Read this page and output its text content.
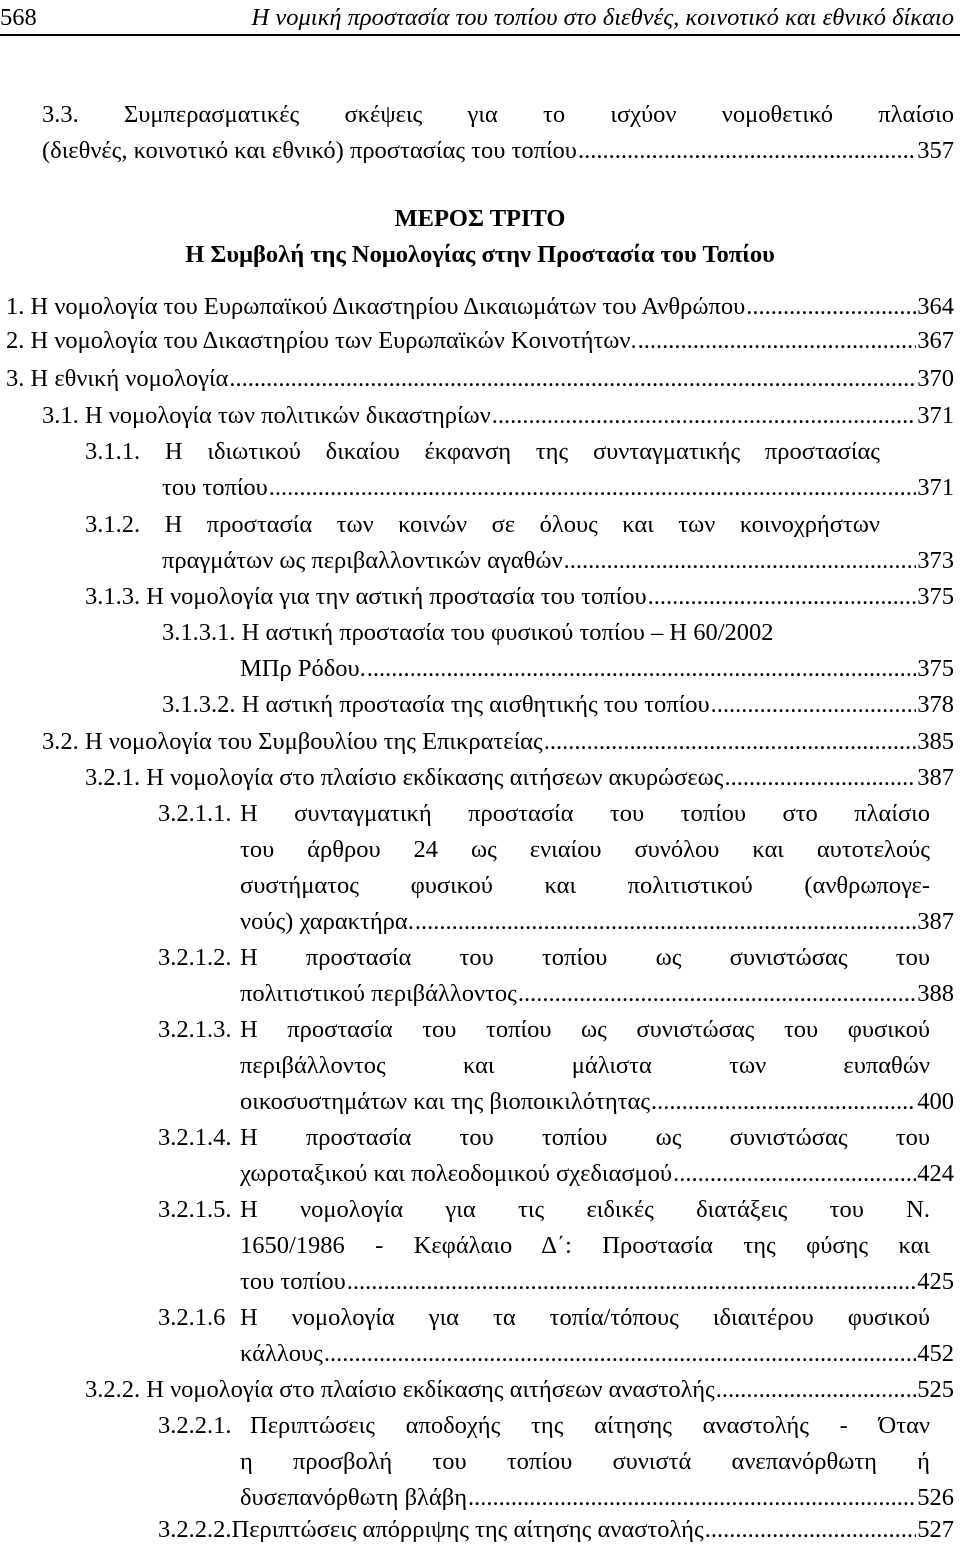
568	Η νομική προστασία του τοπίου στο διεθνές, κοινοτικό και εθνικό δίκαιο
3.3. Συμπερασματικές σκέψεις για το ισχύον νομοθετικό πλαίσιο
(διεθνές, κοινοτικό και εθνικό) προστασίας του τοπίου .....	357
ΜΕΡΟΣ ΤΡΙΤΟ
Η Συμβολή της Νομολογίας στην Προστασία του Τοπίου
1. Η νομολογία του Ευρωπαϊκού Δικαστηρίου Δικαιωμάτων του Ανθρώπου .....	364
2. Η νομολογία του Δικαστηρίου των Ευρωπαϊκών Κοινοτήτων. .....	367
3. Η εθνική νομολογία .....	370
3.1. Η νομολογία των πολιτικών δικαστηρίων .....	371
3.1.1. Η ιδιωτικού δικαίου έκφανση της συνταγματικής προστασίας
του τοπίου .....	371
3.1.2. Η προστασία των κοινών σε όλους και των κοινοχρήστων
πραγμάτων ως περιβαλλοντικών αγαθών .....	373
3.1.3. Η νομολογία για την αστική προστασία του τοπίου .....	375
3.1.3.1. Η αστική προστασία του φυσικού τοπίου – Η 60/2002
ΜΠρ Ρόδου. .....	375
3.1.3.2. Η αστική προστασία της αισθητικής του τοπίου .....	378
3.2. Η νομολογία του Συμβουλίου της Επικρατείας .....	385
3.2.1. Η νομολογία στο πλαίσιο εκδίκασης αιτήσεων ακυρώσεως .....	387
3.2.1.1. Η συνταγματική προστασία του τοπίου στο πλαίσιο
του άρθρου 24 ως ενιαίου συνόλου και αυτοτελούς
συστήματος φυσικού και πολιτιστικού (ανθρωπογε-
νούς) χαρακτήρα. .....	387
3.2.1.2. Η προστασία του τοπίου ως συνιστώσας του
πολιτιστικού περιβάλλοντος .....	388
3.2.1.3. Η προστασία του τοπίου ως συνιστώσας του φυσικού
περιβάλλοντος και μάλιστα των ευπαθών
οικοσυστημάτων και της βιοποικιλότητας .....	400
3.2.1.4. Η προστασία του τοπίου ως συνιστώσας του
χωροταξικού και πολεοδομικού σχεδιασμού .....	424
3.2.1.5. Η νομολογία για τις ειδικές διατάξεις του Ν.
1650/1986 - Κεφάλαιο Δ΄: Προστασία της φύσης και
του τοπίου .....	425
3.2.1.6 Η νομολογία για τα τοπία/τόπους ιδιαιτέρου φυσικού
κάλλους .....	452
3.2.2. Η νομολογία στο πλαίσιο εκδίκασης αιτήσεων αναστολής .....	525
3.2.2.1. Περιπτώσεις αποδοχής της αίτησης αναστολής - Όταν
η προσβολή του τοπίου συνιστά ανεπανόρθωτη ή
δυσεπανόρθωτη βλάβη .....	526
3.2.2.2. Περιπτώσεις απόρριψης της αίτησης αναστολής .....	527
